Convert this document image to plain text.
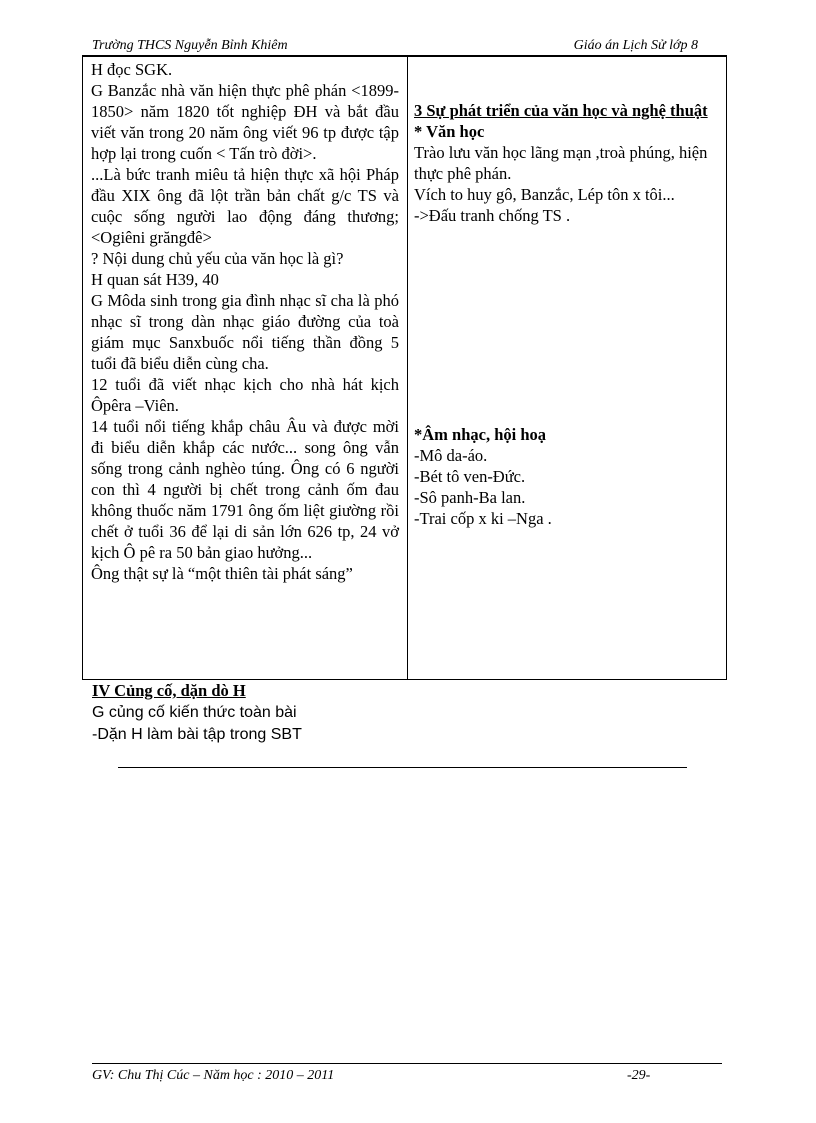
Trường THCS Nguyễn Bỉnh Khiêm	Giáo án Lịch Sử lớp 8

H đọc SGK.

G Banzắc nhà văn hiện thực phê phán <1899- 1850> năm 1820 tốt nghiệp ĐH và bắt đầu viết văn trong 20 năm ông viết 96 tp được tập hợp lại trong cuốn < Tấn trò đời>.

...Là bức tranh miêu tả hiện thực xã hội Pháp đầu XIX ông đã lột trần bản chất g/c TS và cuộc sống người lao động đáng thương; <Ogiêni grăngđê>

? Nội dung chủ yếu của văn học là gì?

H quan sát H39, 40

G Môda sinh trong gia đình nhạc sĩ cha là phó nhạc sĩ trong dàn nhạc giáo đường của toà giám mục Sanxbuốc nổi tiếng thần đồng 5 tuổi đã biểu diễn cùng cha.

12 tuổi đã viết nhạc kịch cho nhà hát kịch Ôpêra –Viên.

14 tuổi nổi tiếng khắp châu Âu và được mời đi biểu diễn khắp các nước... song ông vẫn sống trong cảnh nghèo túng. Ông có 6 người con thì 4 người bị chết trong cảnh ốm đau không thuốc năm 1791 ông ốm liệt giường rồi chết ở tuổi 36 để lại di sản lớn 626 tp, 24 vở kịch Ô pê ra 50 bản giao hưởng...

Ông thật sự là “một thiên tài phát sáng”

3 Sự phát triển của văn học và nghệ thuật

* Văn học

Trào lưu văn học lãng mạn ,troà phúng, hiện thực phê phán.

Vích to huy gô, Banzắc, Lép tôn x tôi...

->Đấu tranh chống TS .

*Âm nhạc, hội hoạ

-Mô da-áo.

-Bét tô ven-Đức.

-Sô panh-Ba lan.

-Trai cốp x ki –Nga .

IV Củng cố, dặn dò H

G củng cố kiến thức toàn bài

-Dặn H làm bài tập trong SBT

GV: Chu Thị Cúc – Năm học : 2010 – 2011	-29-
